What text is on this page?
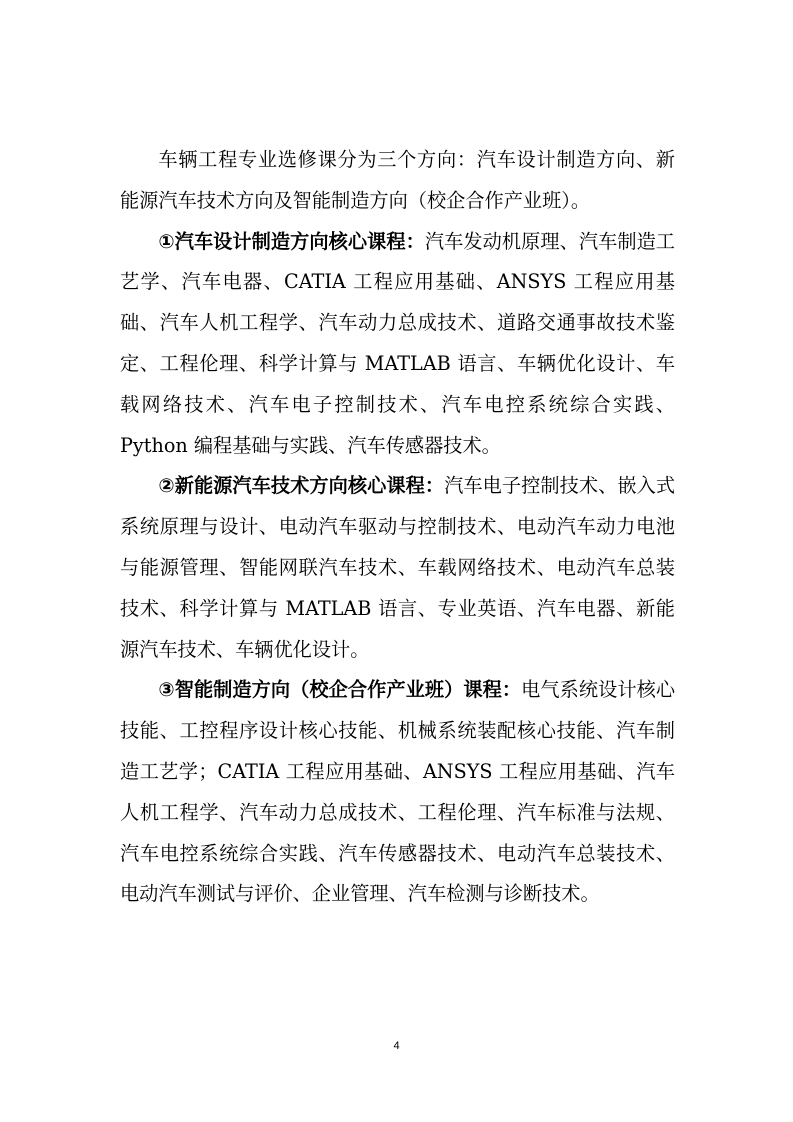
车辆工程专业选修课分为三个方向：汽车设计制造方向、新能源汽车技术方向及智能制造方向（校企合作产业班）。

①汽车设计制造方向核心课程：汽车发动机原理、汽车制造工艺学、汽车电器、CATIA 工程应用基础、ANSYS 工程应用基础、汽车人机工程学、汽车动力总成技术、道路交通事故技术鉴定、工程伦理、科学计算与 MATLAB 语言、车辆优化设计、车载网络技术、汽车电子控制技术、汽车电控系统综合实践、Python 编程基础与实践、汽车传感器技术。

②新能源汽车技术方向核心课程：汽车电子控制技术、嵌入式系统原理与设计、电动汽车驱动与控制技术、电动汽车动力电池与能源管理、智能网联汽车技术、车载网络技术、电动汽车总装技术、科学计算与 MATLAB 语言、专业英语、汽车电器、新能源汽车技术、车辆优化设计。

③智能制造方向（校企合作产业班）课程：电气系统设计核心技能、工控程序设计核心技能、机械系统装配核心技能、汽车制造工艺学；CATIA 工程应用基础、ANSYS 工程应用基础、汽车人机工程学、汽车动力总成技术、工程伦理、汽车标准与法规、汽车电控系统综合实践、汽车传感器技术、电动汽车总装技术、电动汽车测试与评价、企业管理、汽车检测与诊断技术。

4
